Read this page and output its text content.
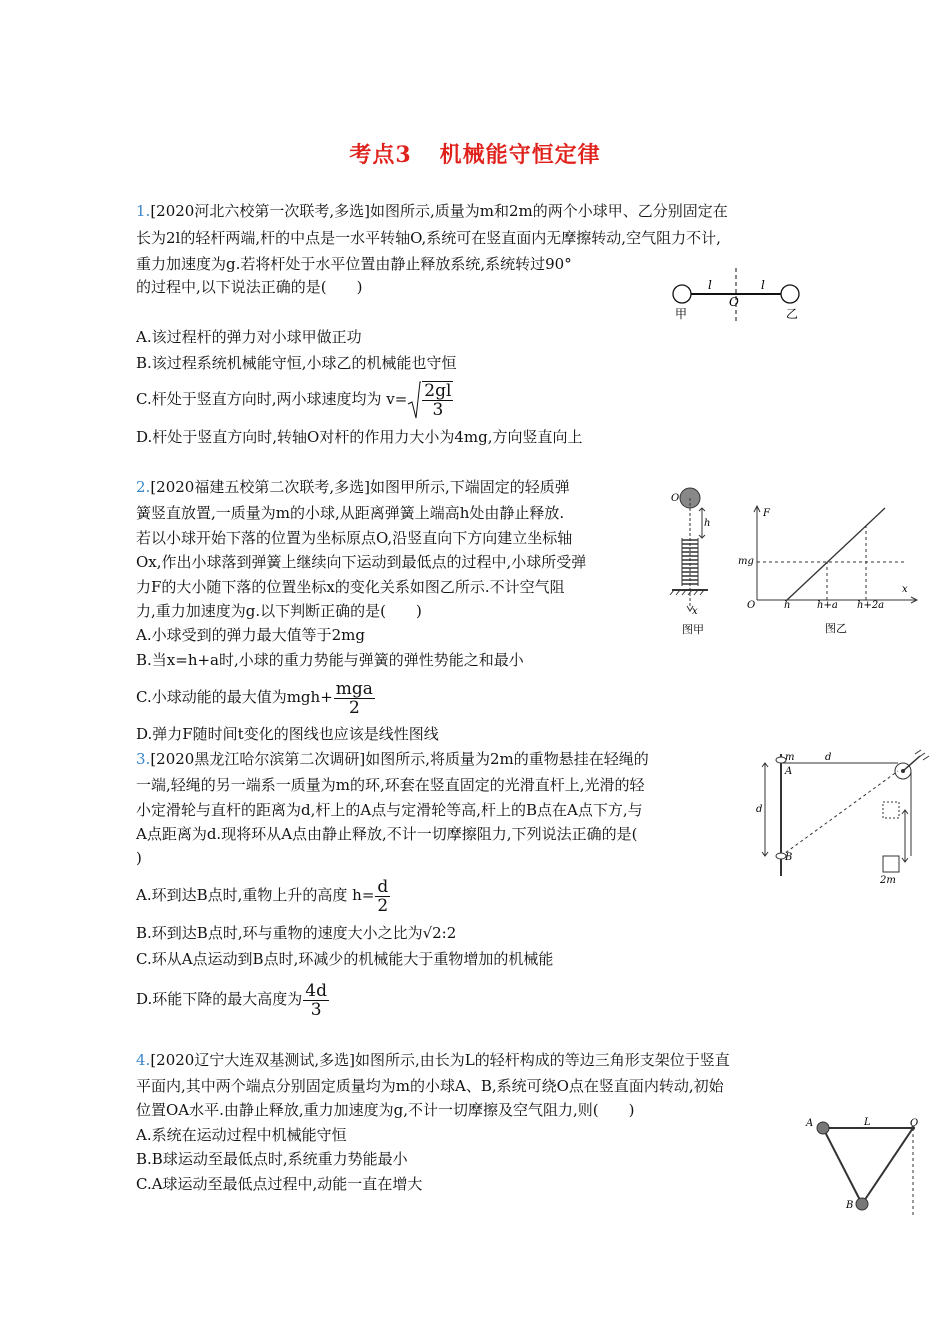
考点3 机械能守恒定律
1.[2020河北六校第一次联考,多选]如图所示,质量为m和2m的两个小球甲、乙分别固定在
长为2l的轻杆两端,杆的中点是一水平转轴O,系统可在竖直面内无摩擦转动,空气阻力不计,
重力加速度为g.若将杆处于水平位置由静止释放系统,系统转过90°
的过程中,以下说法正确的是(　　)
A.该过程杆的弹力对小球甲做正功
B.该过程系统机械能守恒,小球乙的机械能也守恒
C.杆处于竖直方向时,两小球速度均为 $v= \frac{2gl}{3}$
D.杆处于竖直方向时,转轴O对杆的作用力大小为4mg,方向竖直向上
甲	乙
l
O
l
2.[2020福建五校第二次联考,多选]如图甲所示,下端固定的轻质弹
簧竖直放置,一质量为m的小球,从距离弹簧上端高h处由静止释放.
若以小球开始下落的位置为坐标原点O,沿竖直向下方向建立坐标轴
Ox,作出小球落到弹簧上继续向下运动到最低点的过程中,小球所受弹
力F的大小随下落的位置坐标x的变化关系如图乙所示.不计空气阻
力,重力加速度为g.以下判断正确的是(　　)
A.小球受到的弹力最大值等于2mg
B.当x=h+a时,小球的重力势能与弹簧的弹性势能之和最小
C.小球动能的最大值为$mgh+ \frac{\text{mga}}{2}$
D.弹力F随时间t变化的图线也应该是线性图线
O
h
x
图甲
F
mg
O	h	h+a h+2a
x
图乙
3.[2020黑龙江哈尔滨第二次调研]如图所示,将质量为2m的重物悬挂在轻绳的
一端,轻绳的另一端系一质量为m的环,环套在竖直固定的光滑直杆上,光滑的轻
小定滑轮与直杆的距离为d,杆上的A点与定滑轮等高,杆上的B点在A点下方,与
A点距离为d.现将环从A点由静止释放,不计一切摩擦阻力,下列说法正确的是(
)
A.环到达B点时,重物上升的高度 $h= \frac{d}{2}$
B.环到达B点时,环与重物的速度大小之比为√2:2
C.环从A点运动到B点时,环减少的机械能大于重物增加的机械能
D.环能下降的最大高度为 $\frac{4d}{3}$
m
A
d
2m
B
d
4.[2020辽宁大连双基测试,多选]如图所示,由长为L的轻杆构成的等边三角形支架位于竖直
平面内,其中两个端点分别固定质量均为m的小球A、B,系统可绕O点在竖直面内转动,初始
位置OA水平.由静止释放,重力加速度为g,不计一切摩擦及空气阻力,则(　　)
A.系统在运动过程中机械能守恒
B.B球运动至最低点时,系统重力势能最小
C.A球运动至最低点过程中,动能一直在增大
A	L	O
B
